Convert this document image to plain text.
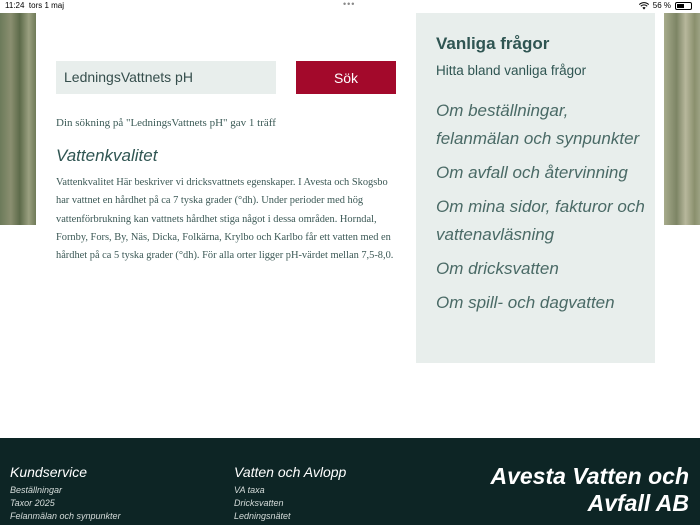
11:24 tors 1 maj	•••	56 %
LedningsVattnets pH
Sök
Din sökning på "LedningsVattnets pH" gav 1 träff
Vattenkvalitet
Vattenkvalitet Här beskriver vi dricksvattnets egenskaper. I Avesta och Skogsbo har vattnet en hårdhet på ca 7 tyska grader (°dh). Under perioder med hög vattenförbrukning kan vattnets hårdhet stiga något i dessa områden. Horndal, Fornby, Fors, By, Näs, Dicka, Folkärna, Krylbo och Karlbo får ett vatten med en hårdhet på ca 5 tyska grader (°dh). För alla orter ligger pH-värdet mellan 7,5-8,0.
Vanliga frågor
Hitta bland vanliga frågor
Om beställningar, felanmälan och synpunkter
Om avfall och återvinning
Om mina sidor, fakturor och vattenavläsning
Om dricksvatten
Om spill- och dagvatten
Kundservice
Beställningar
Taxor 2025
Felanmälan och synpunkter
Vatten och Avlopp
VA taxa
Dricksvatten
Ledningsnätet
Avesta Vatten och Avfall AB
